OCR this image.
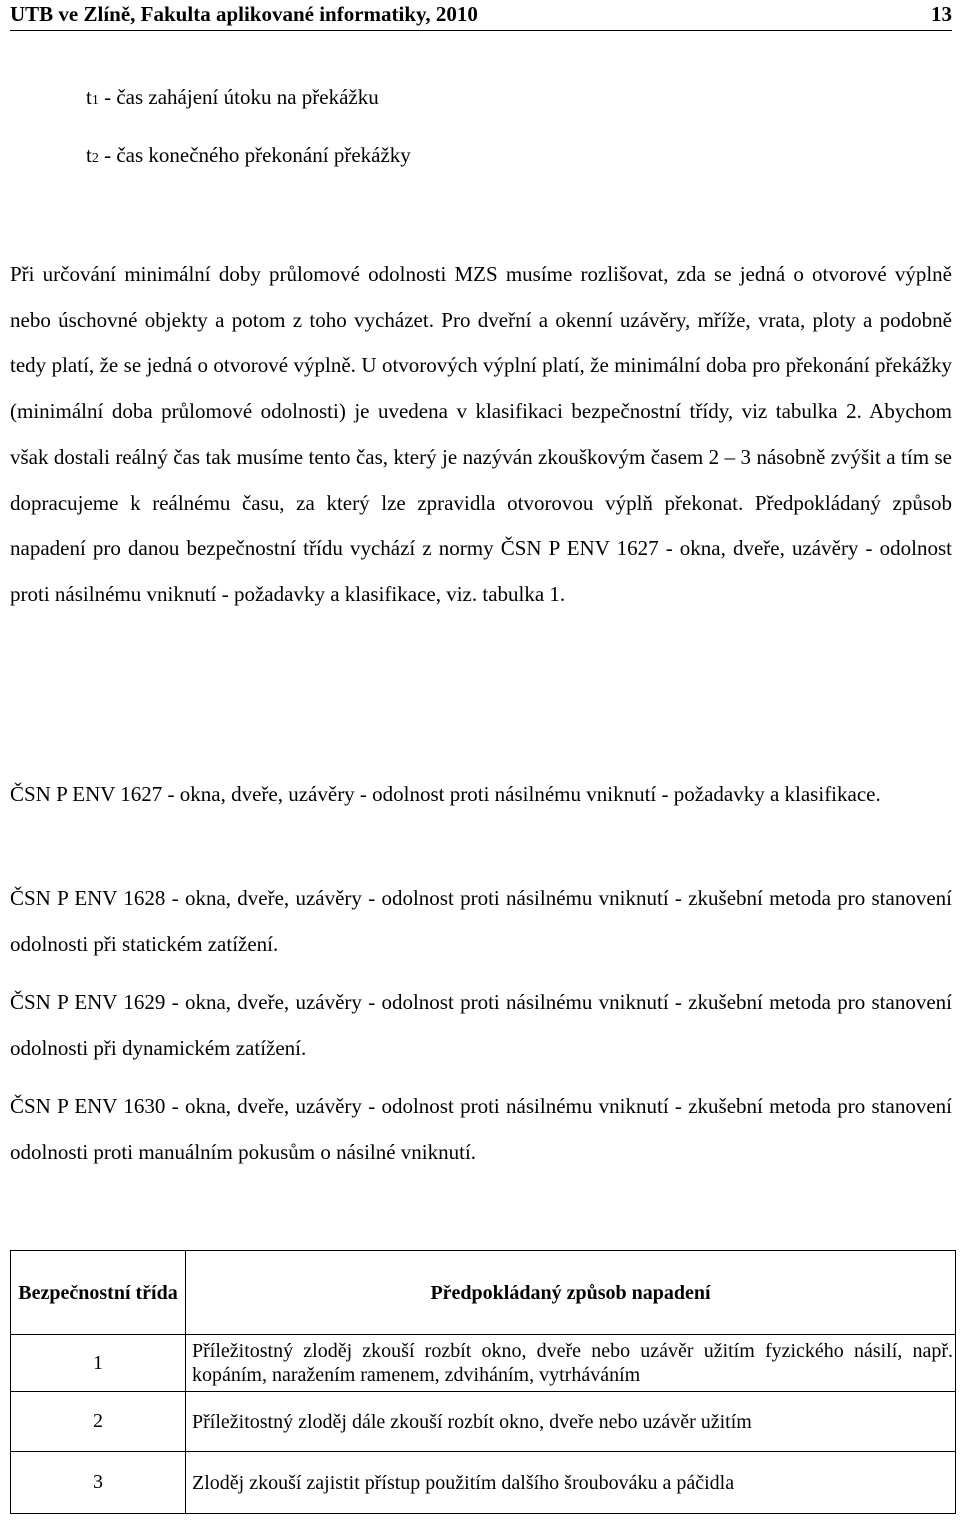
UTB ve Zlíně, Fakulta aplikované informatiky, 2010	13
t1 - čas zahájení útoku na překážku
t2 - čas konečného překonání překážky
Při určování minimální doby průlomové odolnosti MZS musíme rozlišovat, zda se jedná o otvorové výplně nebo úschovné objekty a potom z toho vycházet. Pro dveřní a okenní uzávěry, mříže, vrata, ploty a podobně tedy platí, že se jedná o otvorové výplně. U otvorových výplní platí, že minimální doba pro překonání překážky (minimální doba průlomové odolnosti) je uvedena v klasifikaci bezpečnostní třídy, viz tabulka 2. Abychom však dostali reálný čas tak musíme tento čas, který je nazýván zkouškovým časem 2 – 3 násobně zvýšit a tím se dopracujeme k reálnému času, za který lze zpravidla otvorovou výplň překonat. Předpokládaný způsob napadení pro danou bezpečnostní třídu vychází z normy ČSN P ENV 1627 - okna, dveře, uzávěry - odolnost proti násilnému vniknutí - požadavky a klasifikace, viz. tabulka 1.
ČSN P ENV 1627 - okna, dveře, uzávěry - odolnost proti násilnému vniknutí - požadavky a klasifikace.
ČSN P ENV 1628 - okna, dveře, uzávěry - odolnost proti násilnému vniknutí - zkušební metoda pro stanovení odolnosti při statickém zatížení.
ČSN P ENV 1629 - okna, dveře, uzávěry - odolnost proti násilnému vniknutí - zkušební metoda pro stanovení odolnosti při dynamickém zatížení.
ČSN P ENV 1630 - okna, dveře, uzávěry - odolnost proti násilnému vniknutí - zkušební metoda pro stanovení odolnosti proti manuálním pokusům o násilné vniknutí.
Bezpečnostní třída	Předpokládaný způsob napadení
1	Příležitostný zloděj zkouší rozbít okno, dveře nebo uzávěr užitím fyzického násilí, např. kopáním, naražením ramenem, zdviháním, vytrháváním
2	Příležitostný zloděj dále zkouší rozbít okno, dveře nebo uzávěr užitím
3	Zloděj zkouší zajistit přístup použitím dalšího šroubováku a páčidla
